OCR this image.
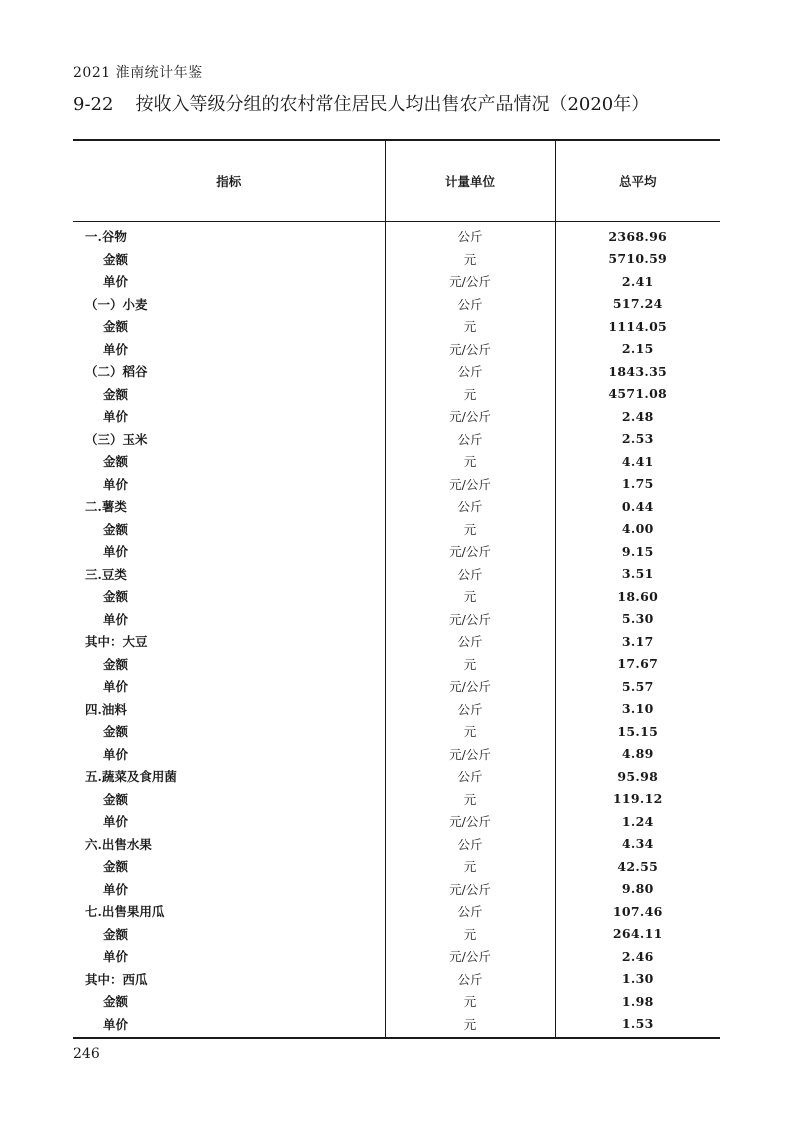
2021 淮南统计年鉴
9-22 按收入等级分组的农村常住居民人均出售农产品情况（2020年）
指标	计量单位	总平均
一.谷物	公斤	2368.96
金额	元	5710.59
单价	元/公斤	2.41
（一）小麦	公斤	517.24
金额	元	1114.05
单价	元/公斤	2.15
（二）稻谷	公斤	1843.35
金额	元	4571.08
单价	元/公斤	2.48
（三）玉米	公斤	2.53
金额	元	4.41
单价	元/公斤	1.75
二.薯类	公斤	0.44
金额	元	4.00
单价	元/公斤	9.15
三.豆类	公斤	3.51
金额	元	18.60
单价	元/公斤	5.30
其中：大豆	公斤	3.17
金额	元	17.67
单价	元/公斤	5.57
四.油料	公斤	3.10
金额	元	15.15
单价	元/公斤	4.89
五.蔬菜及食用菌	公斤	95.98
金额	元	119.12
单价	元/公斤	1.24
六.出售水果	公斤	4.34
金额	元	42.55
单价	元/公斤	9.80
七.出售果用瓜	公斤	107.46
金额	元	264.11
单价	元/公斤	2.46
其中：西瓜	公斤	1.30
金额	元	1.98
单价	元	1.53
246
